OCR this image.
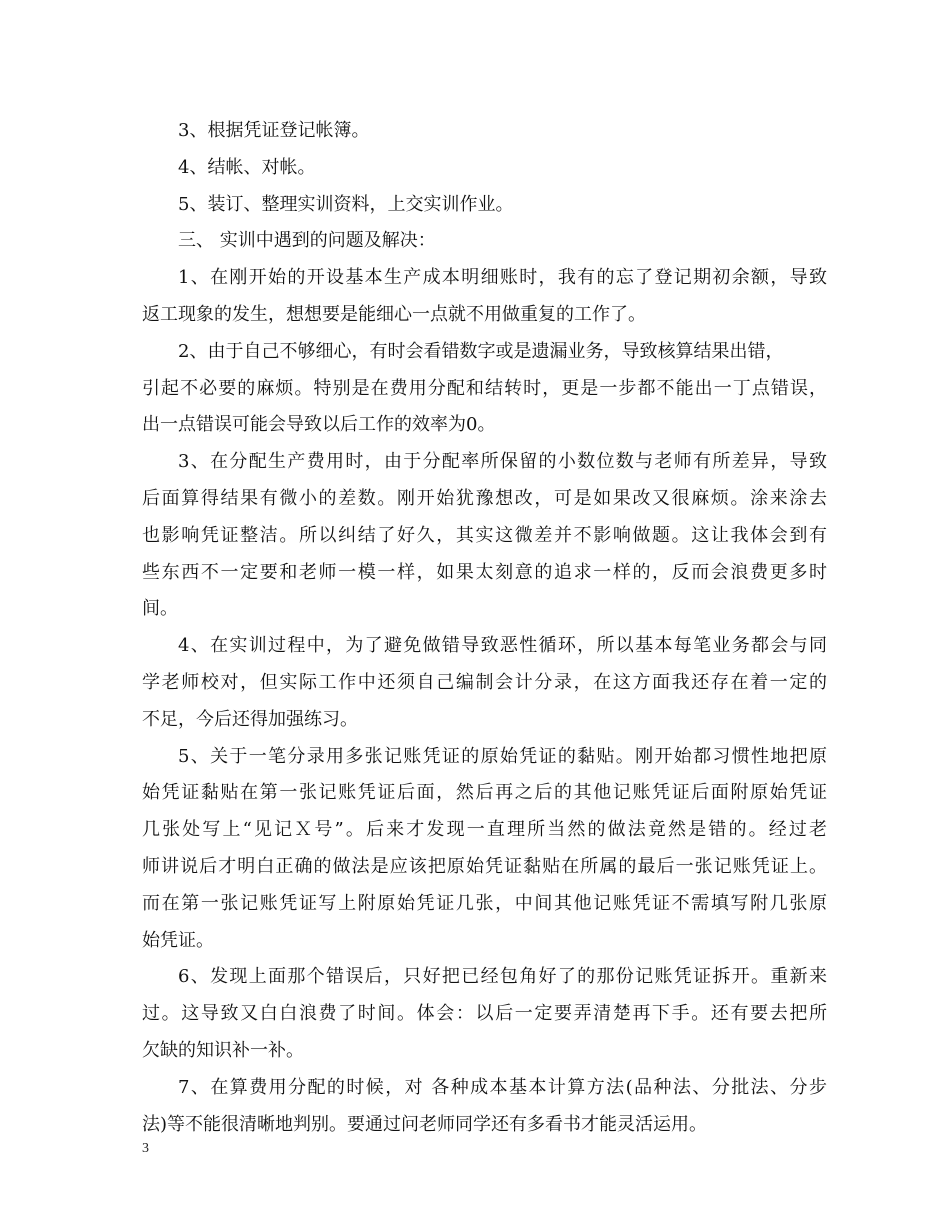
3、根据凭证登记帐簿。
4、结帐、对帐。
5、装订、整理实训资料，上交实训作业。
三、 实训中遇到的问题及解决：
1、在刚开始的开设基本生产成本明细账时，我有的忘了登记期初余额，导致
返工现象的发生，想想要是能细心一点就不用做重复的工作了。
2、由于自己不够细心，有时会看错数字或是遗漏业务，导致核算结果出错，
引起不必要的麻烦。特别是在费用分配和结转时，更是一步都不能出一丁点错误，
出一点错误可能会导致以后工作的效率为0。
3、在分配生产费用时，由于分配率所保留的小数位数与老师有所差异，导致
后面算得结果有微小的差数。刚开始犹豫想改，可是如果改又很麻烦。涂来涂去
也影响凭证整洁。所以纠结了好久，其实这微差并不影响做题。这让我体会到有
些东西不一定要和老师一模一样，如果太刻意的追求一样的，反而会浪费更多时
间。
4、在实训过程中，为了避免做错导致恶性循环，所以基本每笔业务都会与同
学老师校对，但实际工作中还须自己编制会计分录，在这方面我还存在着一定的
不足，今后还得加强练习。
5、关于一笔分录用多张记账凭证的原始凭证的黏贴。刚开始都习惯性地把原
始凭证黏贴在第一张记账凭证后面，然后再之后的其他记账凭证后面附原始凭证
几张处写上“见记Ｘ号”。后来才发现一直理所当然的做法竟然是错的。经过老
师讲说后才明白正确的做法是应该把原始凭证黏贴在所属的最后一张记账凭证上。
而在第一张记账凭证写上附原始凭证几张，中间其他记账凭证不需填写附几张原
始凭证。
6、发现上面那个错误后，只好把已经包角好了的那份记账凭证拆开。重新来
过。这导致又白白浪费了时间。体会：以后一定要弄清楚再下手。还有要去把所
欠缺的知识补一补。
7、在算费用分配的时候，对 各种成本基本计算方法(品种法、分批法、分步
法)等不能很清晰地判别。要通过问老师同学还有多看书才能灵活运用。
3
